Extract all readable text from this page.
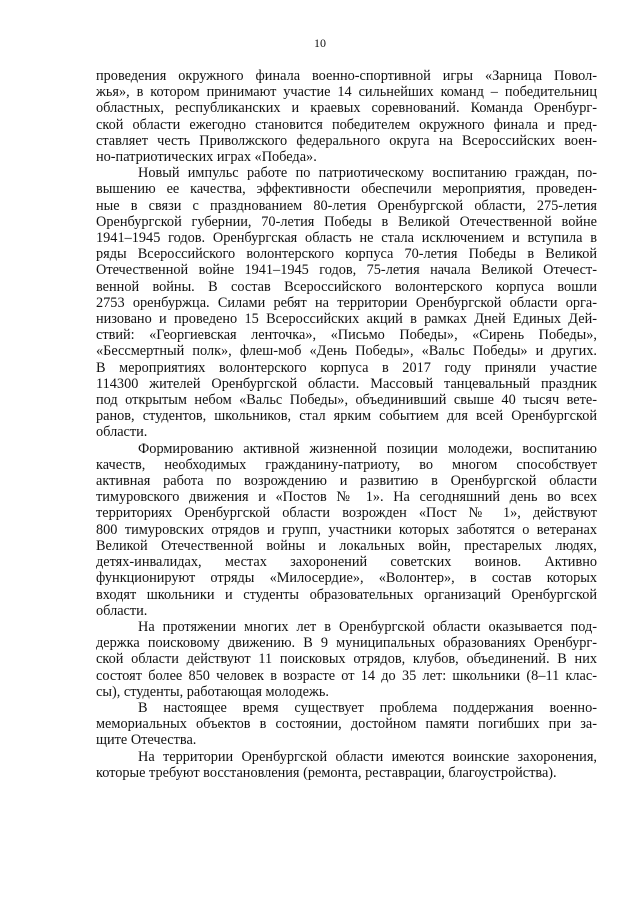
10
проведения окружного финала военно-спортивной игры «Зарница Повол-
жья», в котором принимают участие 14 сильнейших команд – победительниц
областных, республиканских и краевых соревнований. Команда Оренбург-
ской области ежегодно становится победителем окружного финала и пред-
ставляет честь Приволжского федерального округа на Всероссийских воен-
но-патриотических играх «Победа».
Новый импульс работе по патриотическому воспитанию граждан, по-
вышению ее качества, эффективности обеспечили мероприятия, проведен-
ные в связи с празднованием 80-летия Оренбургской области, 275-летия
Оренбургской губернии, 70-летия Победы в Великой Отечественной войне
1941–1945 годов. Оренбургская область не стала исключением и вступила в
ряды Всероссийского волонтерского корпуса 70-летия Победы в Великой
Отечественной войне 1941–1945 годов, 75-летия начала Великой Отечест-
венной войны. В состав Всероссийского волонтерского корпуса вошли
2753 оренбуржца. Силами ребят на территории Оренбургской области орга-
низовано и проведено 15 Всероссийских акций в рамках Дней Единых Дей-
ствий: «Георгиевская ленточка», «Письмо Победы», «Сирень Победы»,
«Бессмертный полк», флеш-моб «День Победы», «Вальс Победы» и других.
В мероприятиях волонтерского корпуса в 2017 году приняли участие
114300 жителей Оренбургской области. Массовый танцевальный праздник
под открытым небом «Вальс Победы», объединивший свыше 40 тысяч вете-
ранов, студентов, школьников, стал ярким событием для всей Оренбургской
области.
Формированию активной жизненной позиции молодежи, воспитанию
качеств, необходимых гражданину-патриоту, во многом способствует
активная работа по возрождению и развитию в Оренбургской области
тимуровского движения и «Постов № 1». На сегодняшний день во всех
территориях Оренбургской области возрожден «Пост № 1», действуют
800 тимуровских отрядов и групп, участники которых заботятся о ветеранах
Великой Отечественной войны и локальных войн, престарелых людях,
детях-инвалидах, местах захоронений советских воинов. Активно
функционируют отряды «Милосердие», «Волонтер», в состав которых
входят школьники и студенты образовательных организаций Оренбургской
области.
На протяжении многих лет в Оренбургской области оказывается под-
держка поисковому движению. В 9 муниципальных образованиях Оренбург-
ской области действуют 11 поисковых отрядов, клубов, объединений. В них
состоят более 850 человек в возрасте от 14 до 35 лет: школьники (8–11 клас-
сы), студенты, работающая молодежь.
В настоящее время существует проблема поддержания военно-
мемориальных объектов в состоянии, достойном памяти погибших при за-
щите Отечества.
На территории Оренбургской области имеются воинские захоронения,
которые требуют восстановления (ремонта, реставрации, благоустройства).
